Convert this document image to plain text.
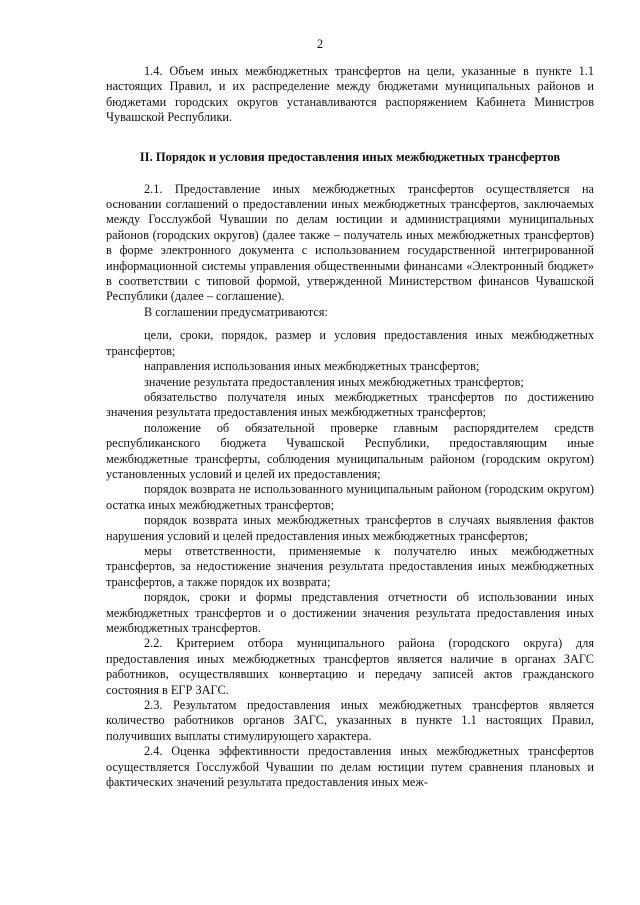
2

1.4. Объем иных межбюджетных трансфертов на цели, указанные в пункте 1.1 настоящих Правил, и их распределение между бюджетами муниципальных районов и бюджетами городских округов устанавливаются распоряжением Кабинета Министров Чувашской Республики.

II. Порядок и условия предоставления иных межбюджетных трансфертов

2.1. Предоставление иных межбюджетных трансфертов осуществляется на основании соглашений о предоставлении иных межбюджетных трансфертов, заключаемых между Госслужбой Чувашии по делам юстиции и администрациями муниципальных районов (городских округов) (далее также – получатель иных межбюджетных трансфертов) в форме электронного документа с использованием государственной интегрированной информационной системы управления общественными финансами «Электронный бюджет» в соответствии с типовой формой, утвержденной Министерством финансов Чувашской Республики (далее – соглашение).

В соглашении предусматриваются:

цели, сроки, порядок, размер и условия предоставления иных межбюджетных трансфертов;

направления использования иных межбюджетных трансфертов;

значение результата предоставления иных межбюджетных трансфертов;

обязательство получателя иных межбюджетных трансфертов по достижению значения результата предоставления иных межбюджетных трансфертов;

положение об обязательной проверке главным распорядителем средств республиканского бюджета Чувашской Республики, предоставляющим иные межбюджетные трансферты, соблюдения муниципальным районом (городским округом) установленных условий и целей их предоставления;

порядок возврата не использованного муниципальным районом (городским округом) остатка иных межбюджетных трансфертов;

порядок возврата иных межбюджетных трансфертов в случаях выявления фактов нарушения условий и целей предоставления иных межбюджетных трансфертов;

меры ответственности, применяемые к получателю иных межбюджетных трансфертов, за недостижение значения результата предоставления иных межбюджетных трансфертов, а также порядок их возврата;

порядок, сроки и формы представления отчетности об использовании иных межбюджетных трансфертов и о достижении значения результата предоставления иных межбюджетных трансфертов.

2.2. Критерием отбора муниципального района (городского округа) для предоставления иных межбюджетных трансфертов является наличие в органах ЗАГС работников, осуществлявших конвертацию и передачу записей актов гражданского состояния в ЕГР ЗАГС.

2.3. Результатом предоставления иных межбюджетных трансфертов является количество работников органов ЗАГС, указанных в пункте 1.1 настоящих Правил, получивших выплаты стимулирующего характера.

2.4. Оценка эффективности предоставления иных межбюджетных трансфертов осуществляется Госслужбой Чувашии по делам юстиции путем сравнения плановых и фактических значений результата предоставления иных меж-
